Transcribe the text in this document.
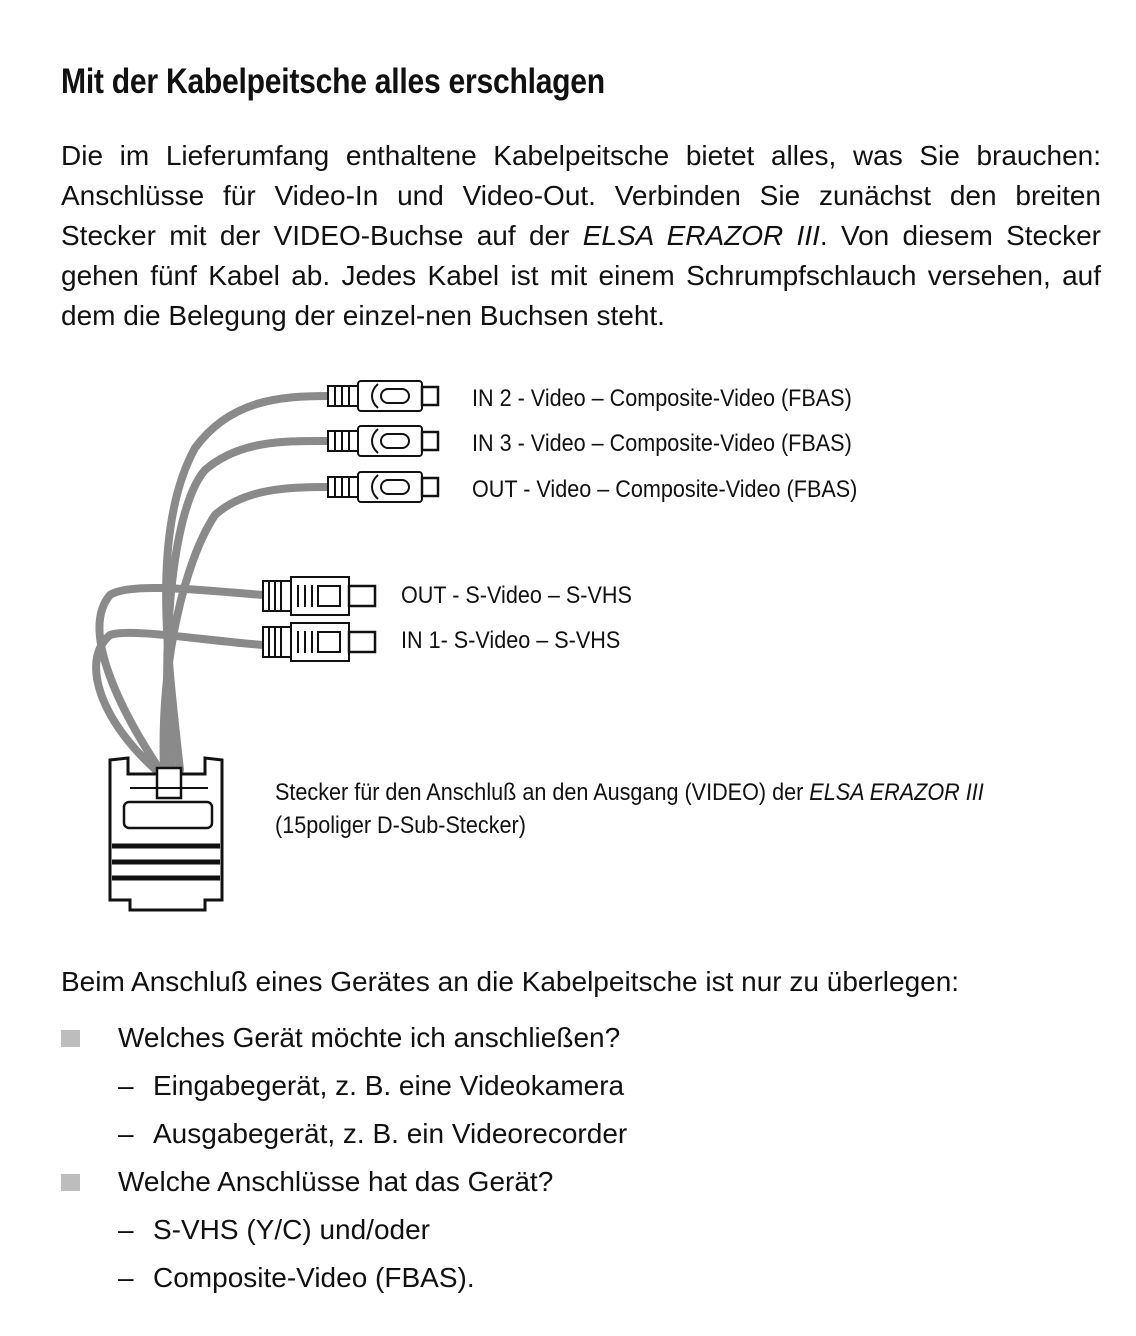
Mit der Kabelpeitsche alles erschlagen

Die im Lieferumfang enthaltene Kabelpeitsche bietet alles, was Sie brauchen: Anschlüsse für Video-In und Video-Out. Verbinden Sie zunächst den breiten Stecker mit der VIDEO-Buchse auf der ELSA ERAZOR III. Von diesem Stecker gehen fünf Kabel ab. Jedes Kabel ist mit einem Schrumpfschlauch versehen, auf dem die Belegung der einzel-nen Buchsen steht.

IN 2 - Video – Composite-Video (FBAS)
IN 3 - Video – Composite-Video (FBAS)
OUT - Video – Composite-Video (FBAS)
OUT - S-Video – S-VHS
IN 1- S-Video – S-VHS
Stecker für den Anschluß an den Ausgang (VIDEO) der ELSA ERAZOR III
(15poliger D-Sub-Stecker)

Beim Anschluß eines Gerätes an die Kabelpeitsche ist nur zu überlegen:

Welches Gerät möchte ich anschließen?
– Eingabegerät, z. B. eine Videokamera
– Ausgabegerät, z. B. ein Videorecorder
Welche Anschlüsse hat das Gerät?
– S-VHS (Y/C) und/oder
– Composite-Video (FBAS).
